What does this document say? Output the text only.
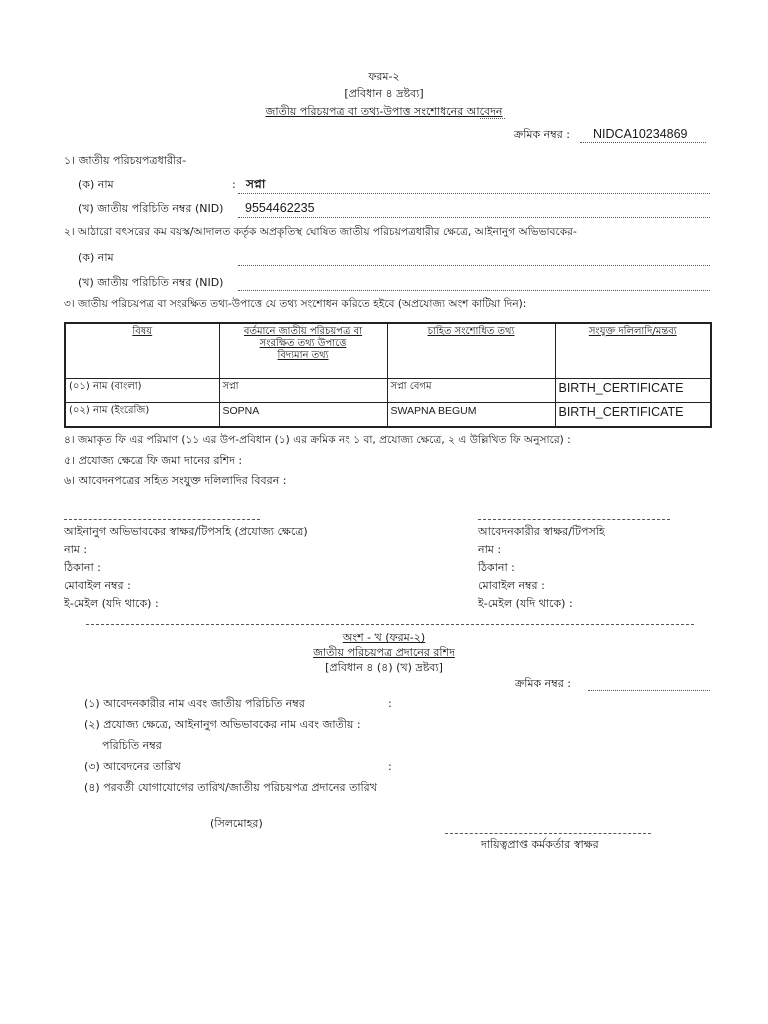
ফরম-২
[প্রবিধান ৪ দ্রষ্টব্য]
জাতীয় পরিচয়পত্র বা তথ্য-উপাত্ত সংশোধনের আবেদন
ক্রমিক নম্বর : NIDCA10234869
১। জাতীয় পরিচয়পত্রধারীর-
(ক) নাম	: সপ্না
(খ) জাতীয় পরিচিতি নম্বর (NID) 9554462235
২। আঠারো বৎসরের কম বয়স্ক/আদালত কর্তৃক অপ্রকৃতিস্থ ঘোষিত জাতীয় পরিচয়পত্রধারীর ক্ষেত্রে, আইনানুগ অভিভাবকের-
(ক) নাম
(খ) জাতীয় পরিচিতি নম্বর (NID)
৩। জাতীয় পরিচয়পত্র বা সংরক্ষিত তথ্য-উপাত্তে যে তথ্য সংশোধন করিতে হইবে (অপ্রযোজ্য অংশ কাটিয়া দিন):
বিষয়	বর্তমানে জাতীয় পরিচয়পত্র বা
সংরক্ষিত তথ্য উপাত্তে
বিদ্যমান তথ্য	চাহিত সংশোধিত তথ্য	সংযুক্ত দলিলাদি/মন্তব্য
(০১) নাম (বাংলা)	সপ্না	সপ্না বেগম	BIRTH_CERTIFICATE
(০২) নাম (ইংরেজি)	SOPNA	SWAPNA BEGUM	BIRTH_CERTIFICATE
৪। জমাকৃত ফি এর পরিমাণ (১১ এর উপ-প্রবিধান (১) এর ক্রমিক নং ১ বা, প্রযোজ্য ক্ষেত্রে, ২ এ উল্লিখিত ফি অনুসারে) :
৫। প্রযোজ্য ক্ষেত্রে ফি জমা দানের রশিদ :
৬। আবেদনপত্রের সহিত সংযুক্ত দলিলাদির বিবরন :
আইনানুগ অভিভাবকের স্বাক্ষর/টিপসহি (প্রযোজ্য ক্ষেত্রে)
নাম :
ঠিকানা :
মোবাইল নম্বর :
ই-মেইল (যদি থাকে) :
আবেদনকারীর স্বাক্ষর/টিপসহি
নাম :
ঠিকানা :
মোবাইল নম্বর :
ই-মেইল (যদি থাকে) :
অংশ - খ (ফরম-২)
জাতীয় পরিচয়পত্র প্রদানের রশিদ
[প্রবিধান ৪ (৪) (খ) দ্রষ্টব্য]
ক্রমিক নম্বর :
(১) আবেদনকারীর নাম এবং জাতীয় পরিচিতি নম্বর	:
(২) প্রযোজ্য ক্ষেত্রে, আইনানুগ অভিভাবকের নাম এবং জাতীয় :
পরিচিতি নম্বর
(৩) আবেদনের তারিখ	:
(৪) পরবর্তী যোগাযোগের তারিখ/জাতীয় পরিচয়পত্র প্রদানের তারিখ
(সিলমোহর)
দায়িত্বপ্রাপ্ত কর্মকর্তার স্বাক্ষর
